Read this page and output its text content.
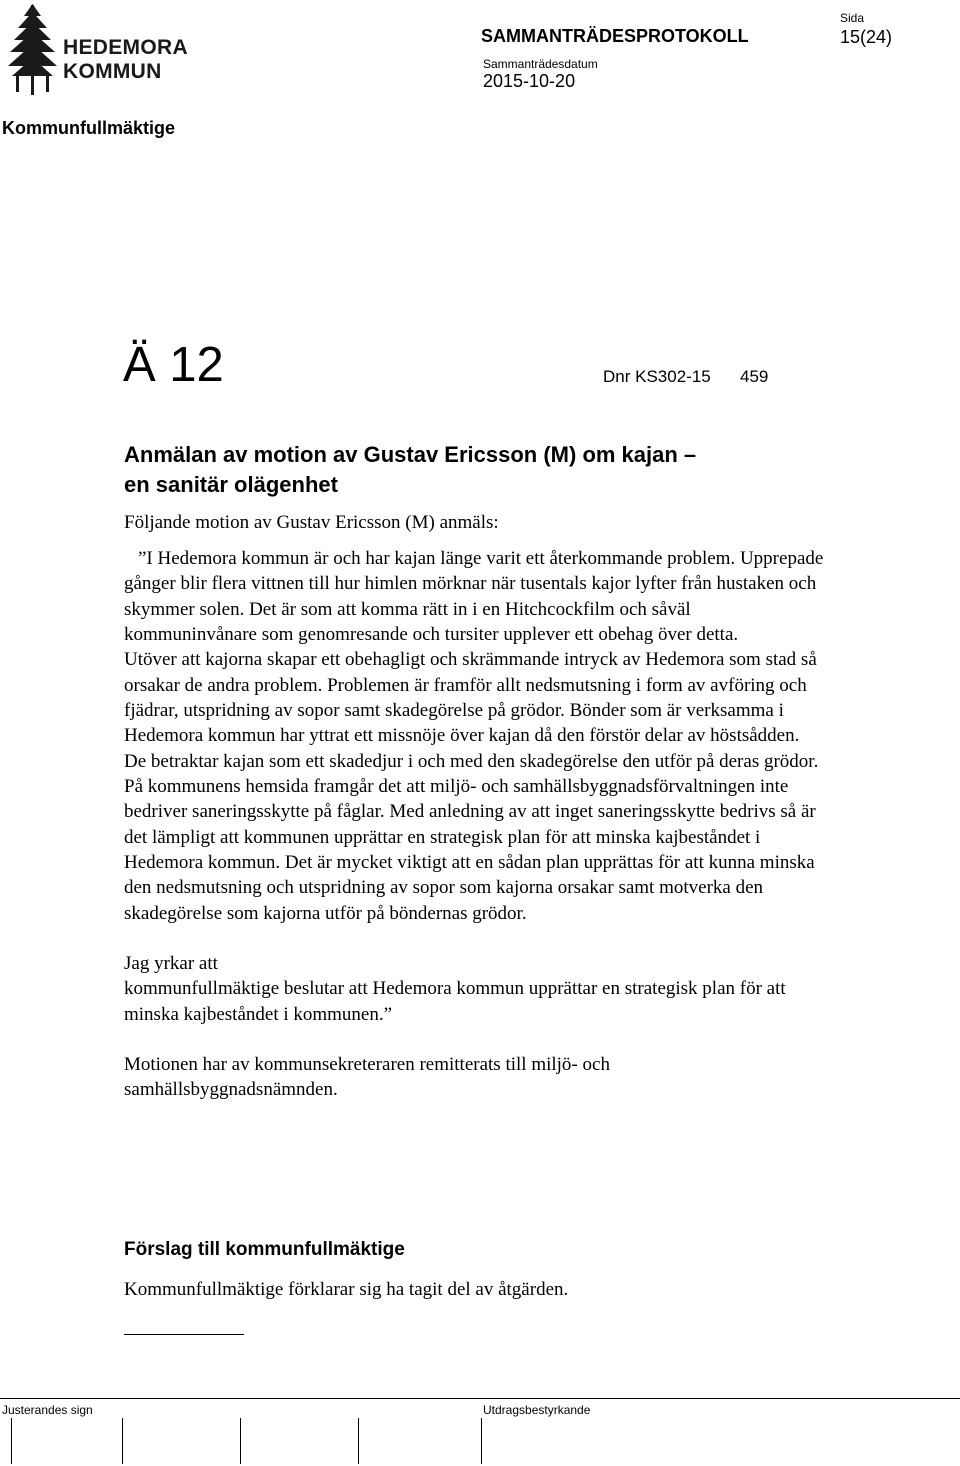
HEDEMORA
KOMMUN
SAMMANTRÄDESPROTOKOLL
Sammanträdesdatum
2015-10-20
Sida
15(24)
Kommunfullmäktige
Ä 12	Dnr KS302-15 459
Anmälan av motion av Gustav Ericsson (M) om kajan –
en sanitär olägenhet
Följande motion av Gustav Ericsson (M) anmäls:

”I Hedemora kommun är och har kajan länge varit ett återkommande problem. Upprepade gånger blir flera vittnen till hur himlen mörknar när tusentals kajor lyfter från hustaken och skymmer solen. Det är som att komma rätt in i en Hitchcockfilm och såväl kommuninvånare som genomresande och tursiter upplever ett obehag över detta.

Utöver att kajorna skapar ett obehagligt och skrämmande intryck av Hedemora som stad så orsakar de andra problem. Problemen är framför allt nedsmutsning i form av avföring och fjädrar, utspridning av sopor samt skadegörelse på grödor. Bönder som är verksamma i Hedemora kommun har yttrat ett missnöje över kajan då den förstör delar av höstsådden. De betraktar kajan som ett skadedjur i och med den skadegörelse den utför på deras grödor.

På kommunens hemsida framgår det att miljö- och samhällsbyggnadsförvaltningen inte bedriver saneringsskytte på fåglar. Med anledning av att inget saneringsskytte bedrivs så är det lämpligt att kommunen upprättar en strategisk plan för att minska kajbeståndet i Hedemora kommun. Det är mycket viktigt att en sådan plan upprättas för att kunna minska den nedsmutsning och utspridning av sopor som kajorna orsakar samt motverka den skadegörelse som kajorna utför på böndernas grödor.

Jag yrkar att

kommunfullmäktige beslutar att Hedemora kommun upprättar en strategisk plan för att minska kajbeståndet i kommunen.”

Motionen har av kommunsekreteraren remitterats till miljö- och samhällsbyggnadsnämnden.

Förslag till kommunfullmäktige
Kommunfullmäktige förklarar sig ha tagit del av åtgärden.
Justerandes sign	Utdragsbestyrkande
